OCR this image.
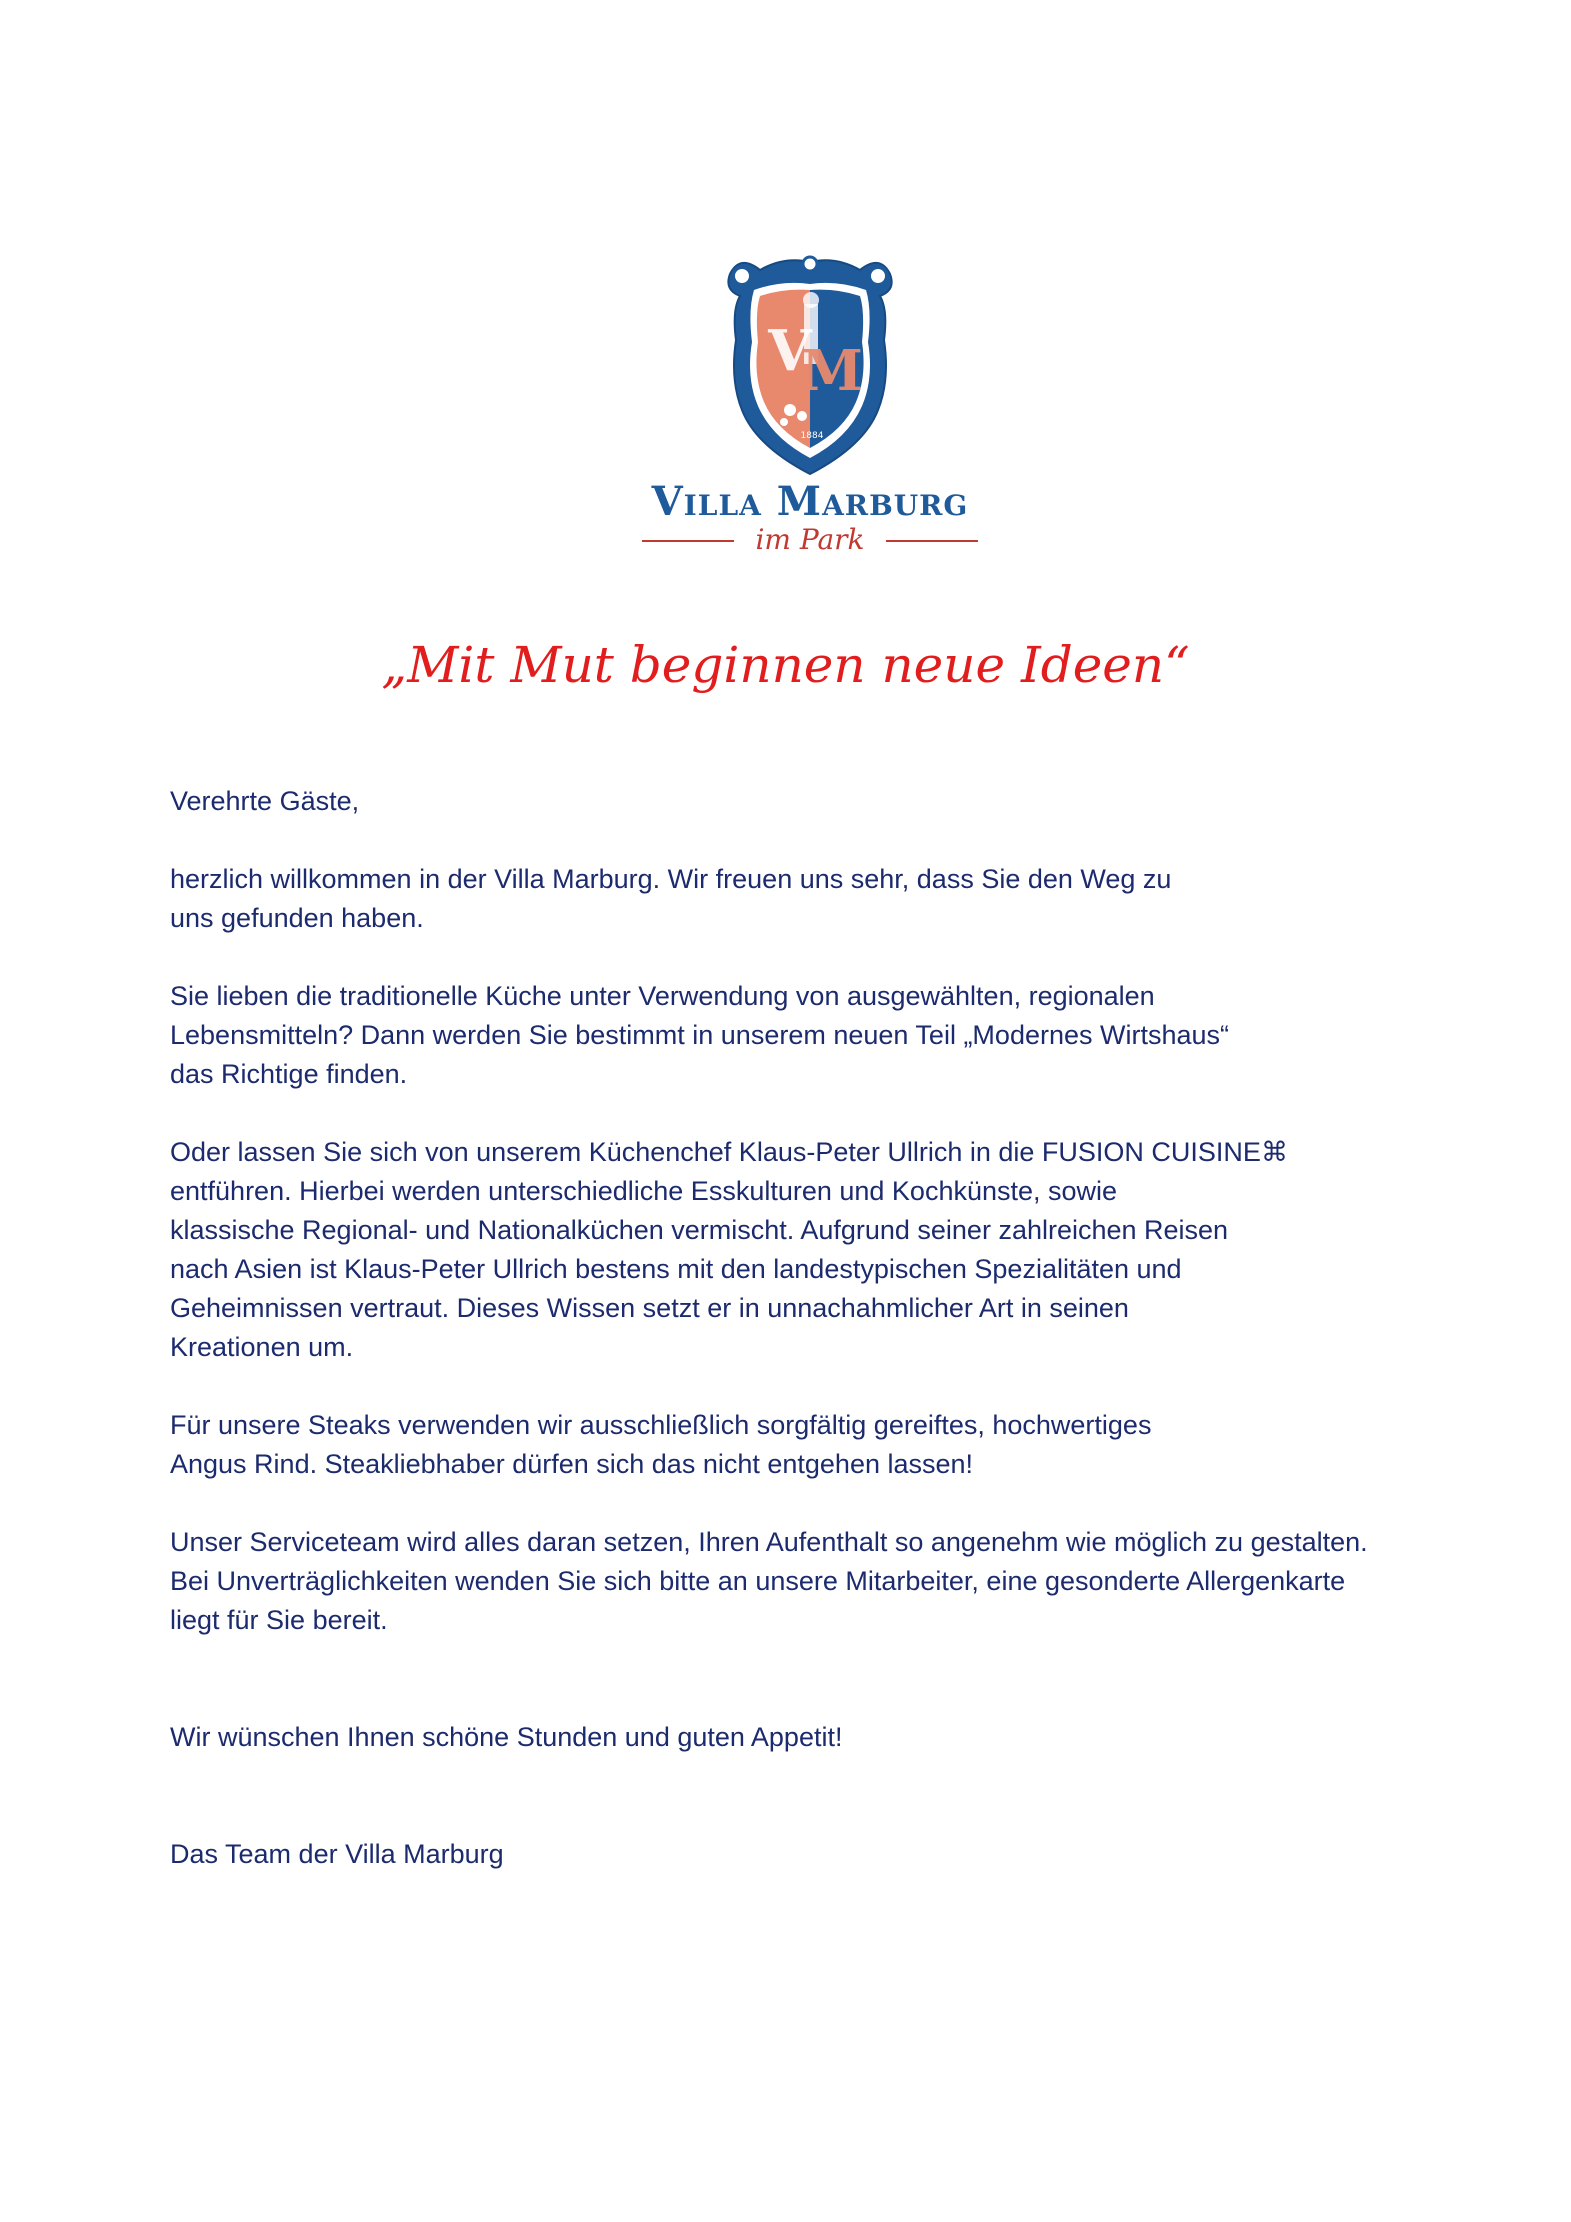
V
M
1884
Villa Marburg
im Park
„Mit Mut beginnen neue Ideen“

Verehrte Gäste,

herzlich willkommen in der Villa Marburg. Wir freuen uns sehr, dass Sie den Weg zu

uns gefunden haben.

Sie lieben die traditionelle Küche unter Verwendung von ausgewählten, regionalen

Lebensmitteln? Dann werden Sie bestimmt in unserem neuen Teil „Modernes Wirtshaus“

das Richtige finden.

Oder lassen Sie sich von unserem Küchenchef Klaus-Peter Ullrich in die FUSION CUISINE⌘

entführen. Hierbei werden unterschiedliche Esskulturen und Kochkünste, sowie

klassische Regional- und Nationalküchen vermischt. Aufgrund seiner zahlreichen Reisen

nach Asien ist Klaus-Peter Ullrich bestens mit den landestypischen Spezialitäten und

Geheimnissen vertraut. Dieses Wissen setzt er in unnachahmlicher Art in seinen

Kreationen um.

Für unsere Steaks verwenden wir ausschließlich sorgfältig gereiftes, hochwertiges

Angus Rind. Steakliebhaber dürfen sich das nicht entgehen lassen!

Unser Serviceteam wird alles daran setzen, Ihren Aufenthalt so angenehm wie möglich zu gestalten.

Bei Unverträglichkeiten wenden Sie sich bitte an unsere Mitarbeiter, eine gesonderte Allergenkarte

liegt für Sie bereit.

Wir wünschen Ihnen schöne Stunden und guten Appetit!

Das Team der Villa Marburg
